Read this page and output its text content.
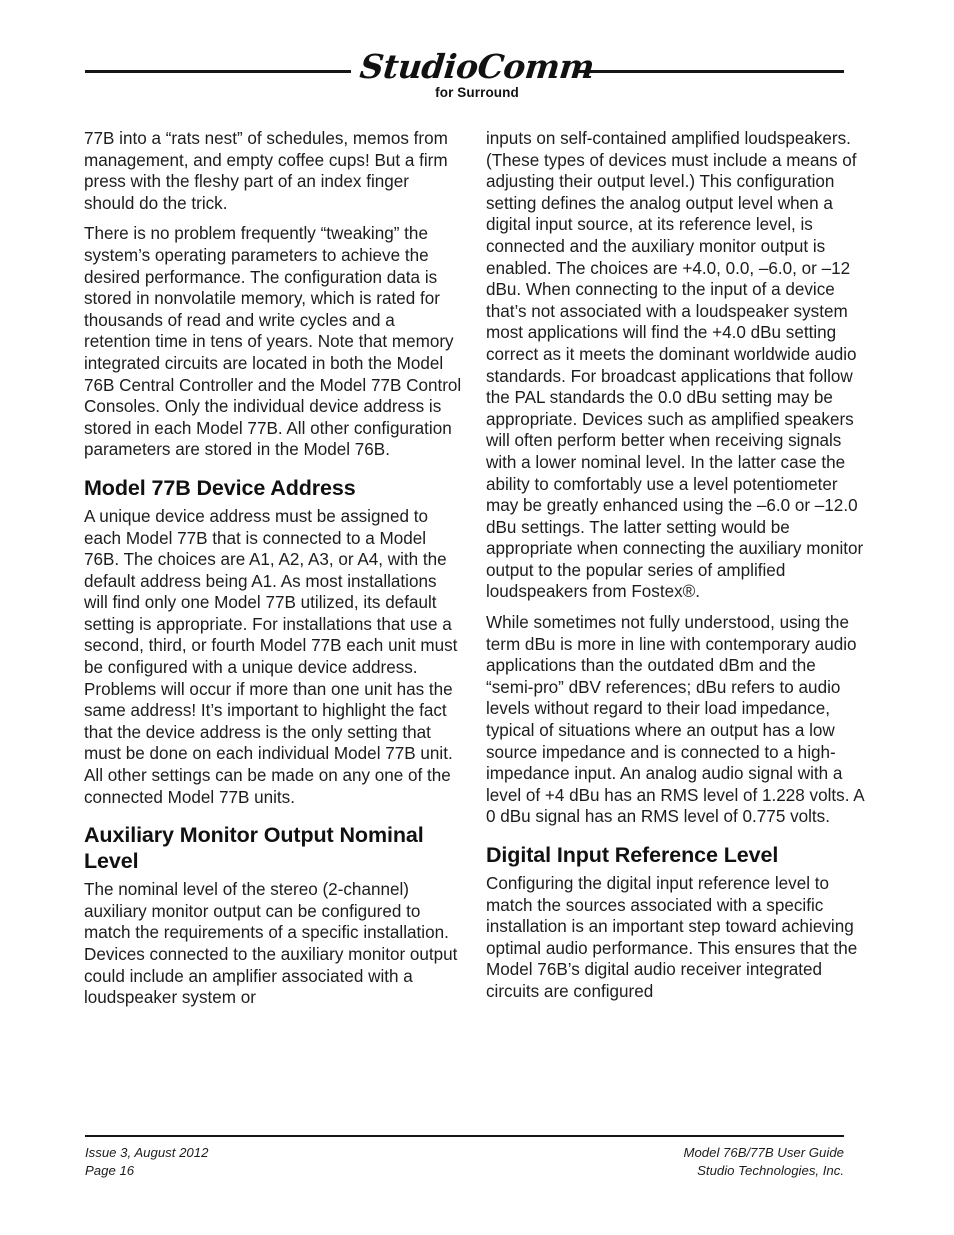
StudioComm
for Surround

77B into a “rats nest” of schedules, memos from management, and empty coffee cups! But a firm press with the fleshy part of an index finger should do the trick.

There is no problem frequently “tweaking” the system’s operating parameters to achieve the desired performance. The configuration data is stored in nonvolatile memory, which is rated for thousands of read and write cycles and a retention time in tens of years. Note that memory integrated circuits are located in both the Model 76B Central Controller and the Model 77B Control Consoles. Only the individual device address is stored in each Model 77B. All other configuration parameters are stored in the Model 76B.

Model 77B Device Address

A unique device address must be assigned to each Model 77B that is connected to a Model 76B. The choices are A1, A2, A3, or A4, with the default address being A1. As most installations will find only one Model 77B utilized, its default setting is appropriate. For installations that use a second, third, or fourth Model 77B each unit must be configured with a unique device address. Problems will occur if more than one unit has the same address! It’s important to highlight the fact that the device address is the only setting that must be done on each individual Model 77B unit. All other settings can be made on any one of the connected Model 77B units.

Auxiliary Monitor Output Nominal Level

The nominal level of the stereo (2-channel) auxiliary monitor output can be configured to match the requirements of a specific installation. Devices connected to the auxiliary monitor output could include an amplifier associated with a loudspeaker system or

inputs on self-contained amplified loudspeakers. (These types of devices must include a means of adjusting their output level.) This configuration setting defines the analog output level when a digital input source, at its reference level, is connected and the auxiliary monitor output is enabled. The choices are +4.0, 0.0, –6.0, or –12 dBu. When connecting to the input of a device that’s not associated with a loudspeaker system most applications will find the +4.0 dBu setting correct as it meets the dominant worldwide audio standards. For broadcast applications that follow the PAL standards the 0.0 dBu setting may be appropriate. Devices such as amplified speakers will often perform better when receiving signals with a lower nominal level. In the latter case the ability to comfortably use a level potentiometer may be greatly enhanced using the –6.0 or –12.0 dBu settings. The latter setting would be appropriate when connecting the auxiliary monitor output to the popular series of amplified loudspeakers from Fostex®.

While sometimes not fully understood, using the term dBu is more in line with contemporary audio applications than the outdated dBm and the “semi-pro” dBV references; dBu refers to audio levels without regard to their load impedance, typical of situations where an output has a low source impedance and is connected to a high-impedance input. An analog audio signal with a level of +4 dBu has an RMS level of 1.228 volts. A 0 dBu signal has an RMS level of 0.775 volts.

Digital Input Reference Level

Configuring the digital input reference level to match the sources associated with a specific installation is an important step toward achieving optimal audio performance. This ensures that the Model 76B’s digital audio receiver integrated circuits are configured

Issue 3, August 2012
Page 16
Model 76B/77B User Guide
Studio Technologies, Inc.
